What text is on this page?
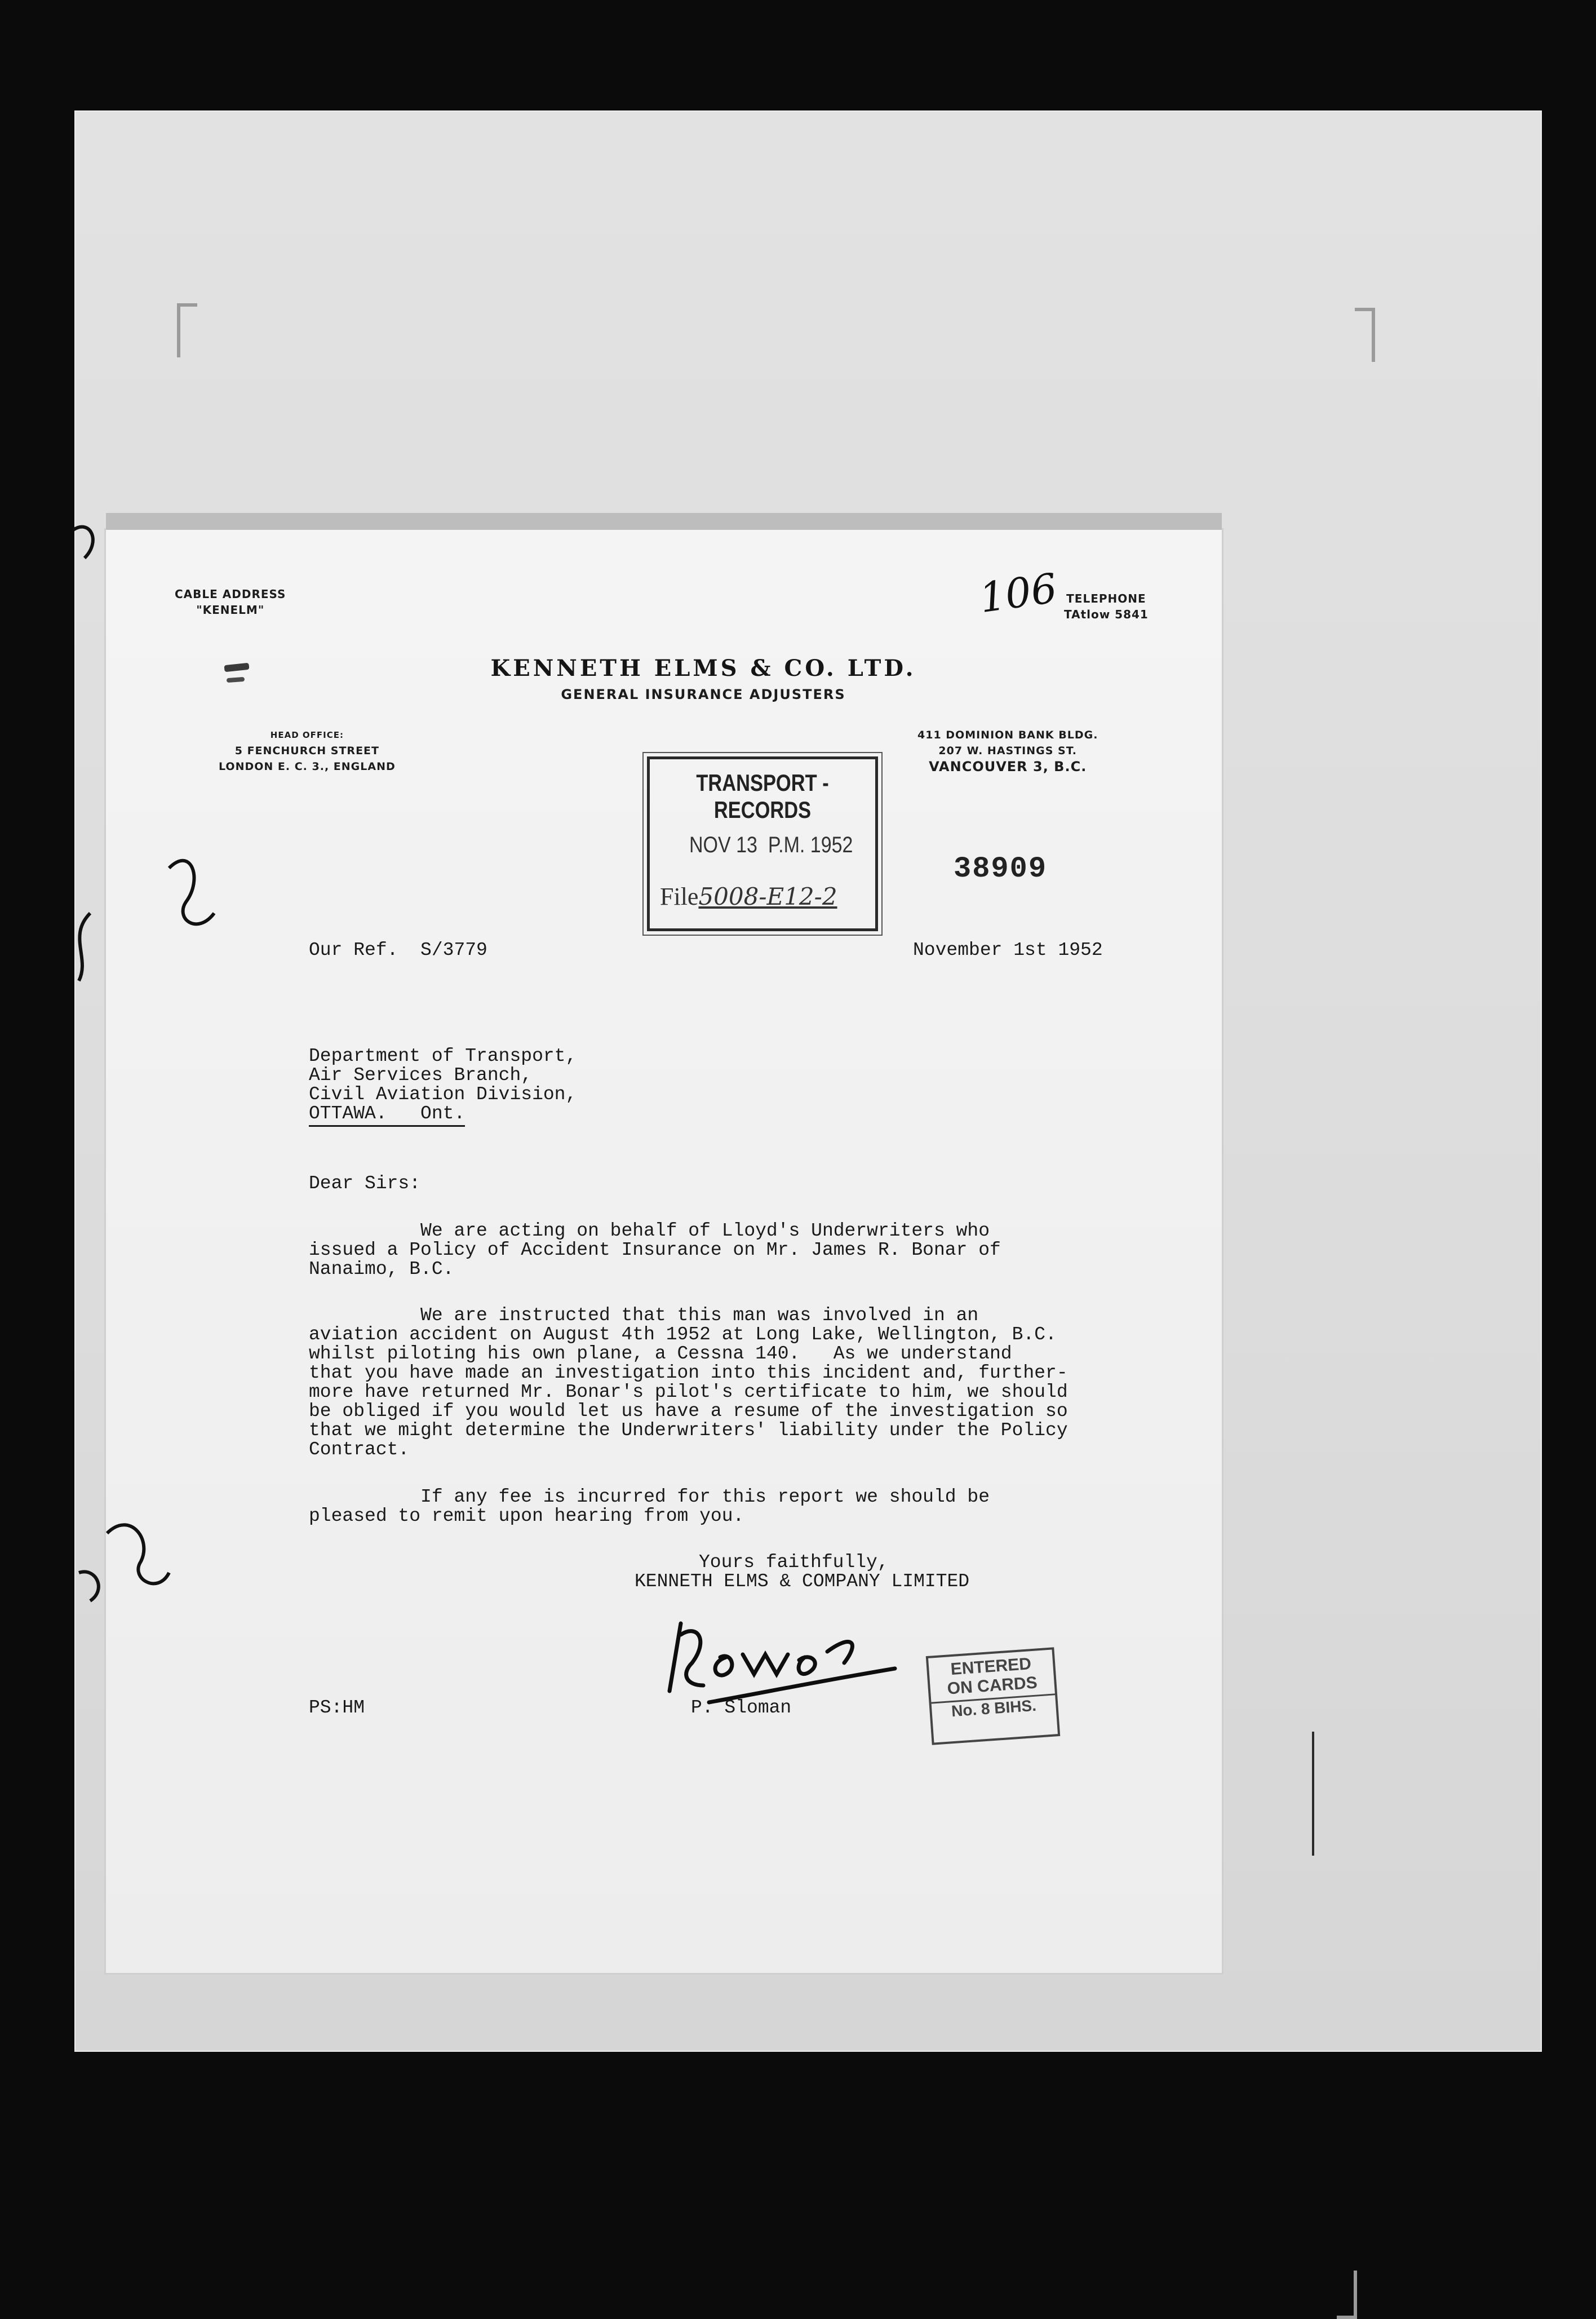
CABLE ADDRESS
"KENELM"
TELEPHONE
TAtlow 5841
106
KENNETH ELMS & CO. LTD.
GENERAL INSURANCE ADJUSTERS
HEAD OFFICE:
5 FENCHURCH STREET
LONDON E. C. 3., ENGLAND
411 DOMINION BANK BLDG.
207 W. HASTINGS ST.
VANCOUVER 3, B.C.
TRANSPORT - RECORDS
NOV 13  P.M. 1952
File5008-E12-2
38909
Our Ref.  S/3779	November 1st 1952
Department of Transport,
Air Services Branch,
Civil Aviation Division,
OTTAWA.   Ont.
Dear Sirs:
We are acting on behalf of Lloyd's Underwriters who
issued a Policy of Accident Insurance on Mr. James R. Bonar of
Nanaimo, B.C.
We are instructed that this man was involved in an
aviation accident on August 4th 1952 at Long Lake, Wellington, B.C.
whilst piloting his own plane, a Cessna 140.   As we understand
that you have made an investigation into this incident and, further-
more have returned Mr. Bonar's pilot's certificate to him, we should
be obliged if you would let us have a resume of the investigation so
that we might determine the Underwriters' liability under the Policy
Contract.
If any fee is incurred for this report we should be
pleased to remit upon hearing from you.
Yours faithfully,
KENNETH ELMS & COMPANY LIMITED
P. Sloman
PS:HM
ENTERED
ON CARDS
No. 8 BIHS.
